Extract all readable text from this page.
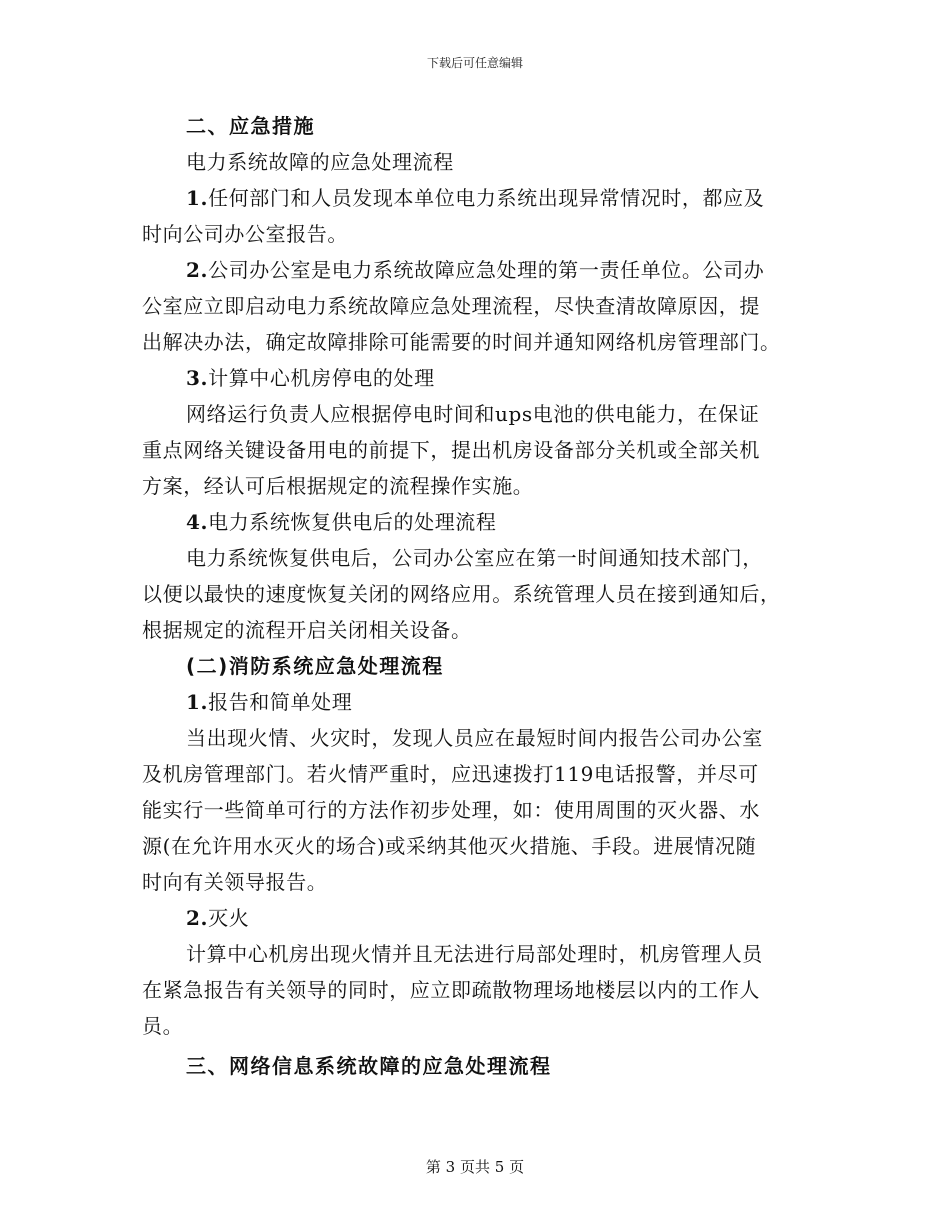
下载后可任意编辑
二、应急措施
电力系统故障的应急处理流程
1.任何部门和人员发现本单位电力系统出现异常情况时，都应及
时向公司办公室报告。
2.公司办公室是电力系统故障应急处理的第一责任单位。公司办
公室应立即启动电力系统故障应急处理流程，尽快查清故障原因，提
出解决办法，确定故障排除可能需要的时间并通知网络机房管理部门。
3.计算中心机房停电的处理
网络运行负责人应根据停电时间和ups电池的供电能力，在保证
重点网络关键设备用电的前提下，提出机房设备部分关机或全部关机
方案，经认可后根据规定的流程操作实施。
4.电力系统恢复供电后的处理流程
电力系统恢复供电后，公司办公室应在第一时间通知技术部门，
以便以最快的速度恢复关闭的网络应用。系统管理人员在接到通知后，
根据规定的流程开启关闭相关设备。
(二)消防系统应急处理流程
1.报告和简单处理
当出现火情、火灾时，发现人员应在最短时间内报告公司办公室
及机房管理部门。若火情严重时，应迅速拨打119电话报警，并尽可
能实行一些简单可行的方法作初步处理，如：使用周围的灭火器、水
源(在允许用水灭火的场合)或采纳其他灭火措施、手段。进展情况随
时向有关领导报告。
2.灭火
计算中心机房出现火情并且无法进行局部处理时，机房管理人员
在紧急报告有关领导的同时，应立即疏散物理场地楼层以内的工作人
员。
三、网络信息系统故障的应急处理流程
第 3 页共 5 页
